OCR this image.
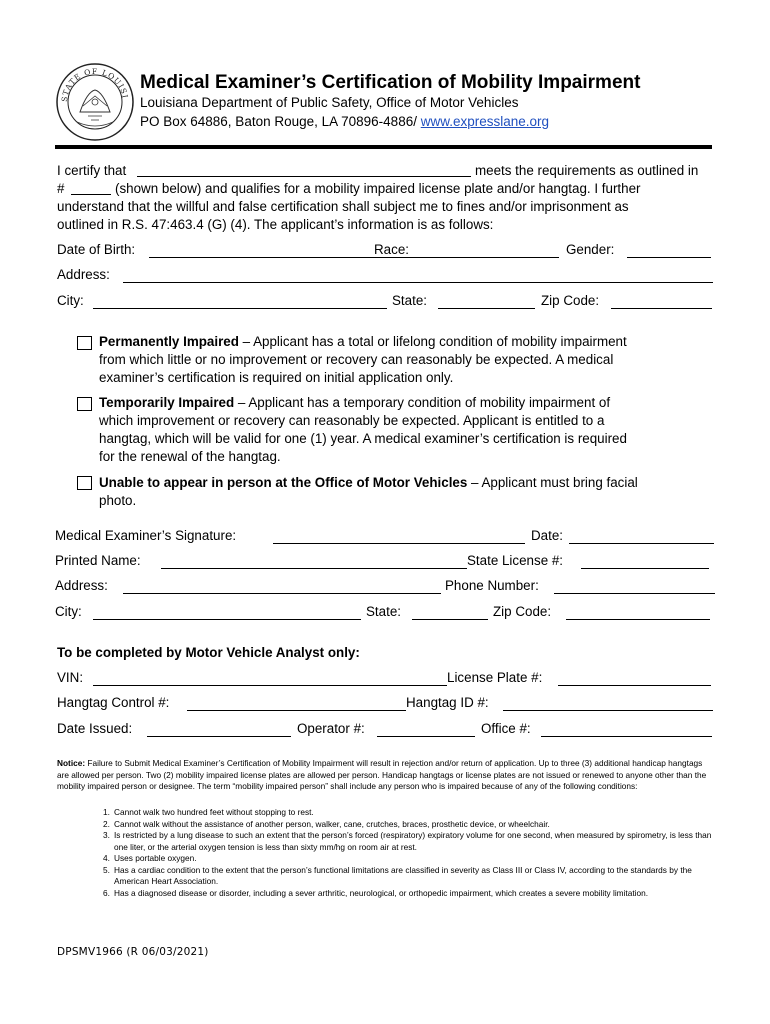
STATE OF LOUISI
Medical Examiner’s Certification of Mobility Impairment
Louisiana Department of Public Safety, Office of Motor Vehicles
PO Box 64886, Baton Rouge, LA 70896-4886/ www.expresslane.org
I certify that	meets the requirements as outlined in
#	(shown below) and qualifies for a mobility impaired license plate and/or hangtag. I further
understand that the willful and false certification shall subject me to fines and/or imprisonment as
outlined in R.S. 47:463.4 (G) (4). The applicant’s information is as follows:
Date of Birth:	Race:	Gender:
Address:
City:	State:	Zip Code:
Permanently Impaired – Applicant has a total or lifelong condition of mobility impairment
from which little or no improvement or recovery can reasonably be expected. A medical
examiner’s certification is required on initial application only.
Temporarily Impaired – Applicant has a temporary condition of mobility impairment of
which improvement or recovery can reasonably be expected. Applicant is entitled to a
hangtag, which will be valid for one (1) year. A medical examiner’s certification is required
for the renewal of the hangtag.
Unable to appear in person at the Office of Motor Vehicles – Applicant must bring facial
photo.
Medical Examiner’s Signature:	Date:
Printed Name:	State License #:
Address:	Phone Number:
City:	State:	Zip Code:
To be completed by Motor Vehicle Analyst only:
VIN:	License Plate #:
Hangtag Control #:	Hangtag ID #:
Date Issued:	Operator #:	Office #:
Notice: Failure to Submit Medical Examiner’s Certification of Mobility Impairment will result in rejection and/or return of application. Up to three (3) additional handicap hangtags are allowed per person. Two (2) mobility impaired license plates are allowed per person. Handicap hangtags or license plates are not issued or renewed to anyone other than the mobility impaired person or designee. The term “mobility impaired person” shall include any person who is impaired because of any of the following conditions:
1. Cannot walk two hundred feet without stopping to rest.
2. Cannot walk without the assistance of another person, walker, cane, crutches, braces, prosthetic device, or wheelchair.
3. Is restricted by a lung disease to such an extent that the person’s forced (respiratory) expiratory volume for one second, when measured by spirometry, is less than one liter, or the arterial oxygen tension is less than sixty mm/hg on room air at rest.
4. Uses portable oxygen.
5. Has a cardiac condition to the extent that the person’s functional limitations are classified in severity as Class III or Class IV, according to the standards by the American Heart Association.
6. Has a diagnosed disease or disorder, including a sever arthritic, neurological, or orthopedic impairment, which creates a severe mobility limitation.
DPSMV1966 (R 06/03/2021)
